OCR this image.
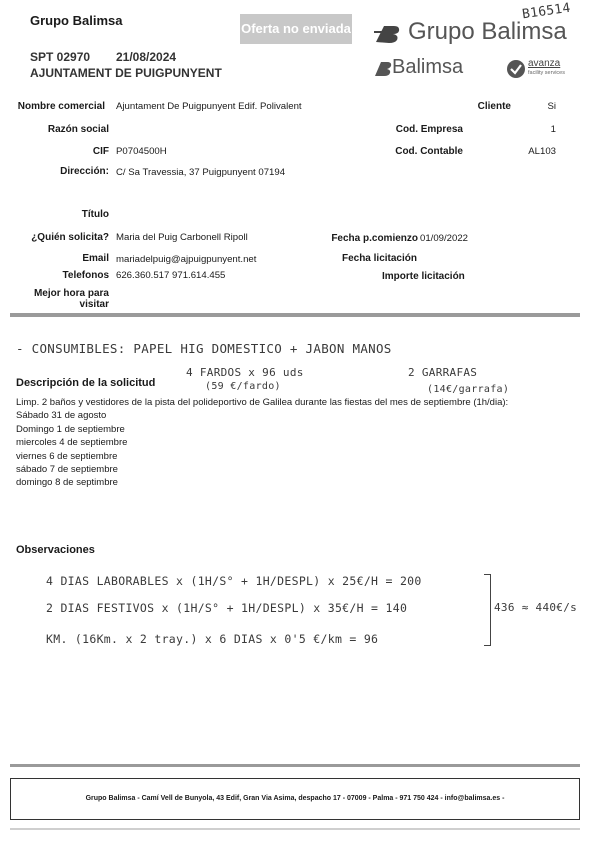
Grupo Balimsa
Oferta no enviada
SPT 02970 21/08/2024
AJUNTAMENT DE PUIGPUNYENT
Grupo Balimsa
B16514
Balimsa	avanza
facility services
Nombre comercial Ajuntament De Puigpunyent Edif. Polivalent	Cliente	Si
Razón social	Cod. Empresa	1
CIF P0704500H	Cod. Contable	AL103
Dirección: C/ Sa Travessia, 37 Puigpunyent 07194
Título
¿Quién solicita? Maria del Puig Carbonell Ripoll	Fecha p.comienzo 01/09/2022
Email mariadelpuig@ajpuigpunyent.net	Fecha licitación
Telefonos 626.360.517 971.614.455	Importe licitación
Mejor hora para visitar
- CONSUMIBLES: PAPEL HIG DOMESTICO + JABON MANOS
4 FARDOS x 96 uds
(59 €/fardo)
2 GARRAFAS
(14€/garrafa)
Descripción de la solicitud
Limp. 2 baños y vestidores de la pista del polideportivo de Galilea durante las fiestas del mes de septiembre (1h/dia):
Sábado 31 de agosto
Domingo 1 de septiembre
miercoles 4 de septiembre
viernes 6 de septiembre
sábado 7 de septiembre
domingo 8 de septimbre
Observaciones
4 DIAS LABORABLES x (1H/S° + 1H/DESPL) x 25€/H = 200
2 DIAS FESTIVOS x (1H/S° + 1H/DESPL) x 35€/H = 140
KM. (16Km. x 2 tray.) x 6 DIAS x 0'5 €/km = 96
436 ≈ 440€/s
Grupo Balimsa - Camí Vell de Bunyola, 43 Edif, Gran Via Asima, despacho 17 - 07009 - Palma - 971 750 424 - info@balimsa.es -
